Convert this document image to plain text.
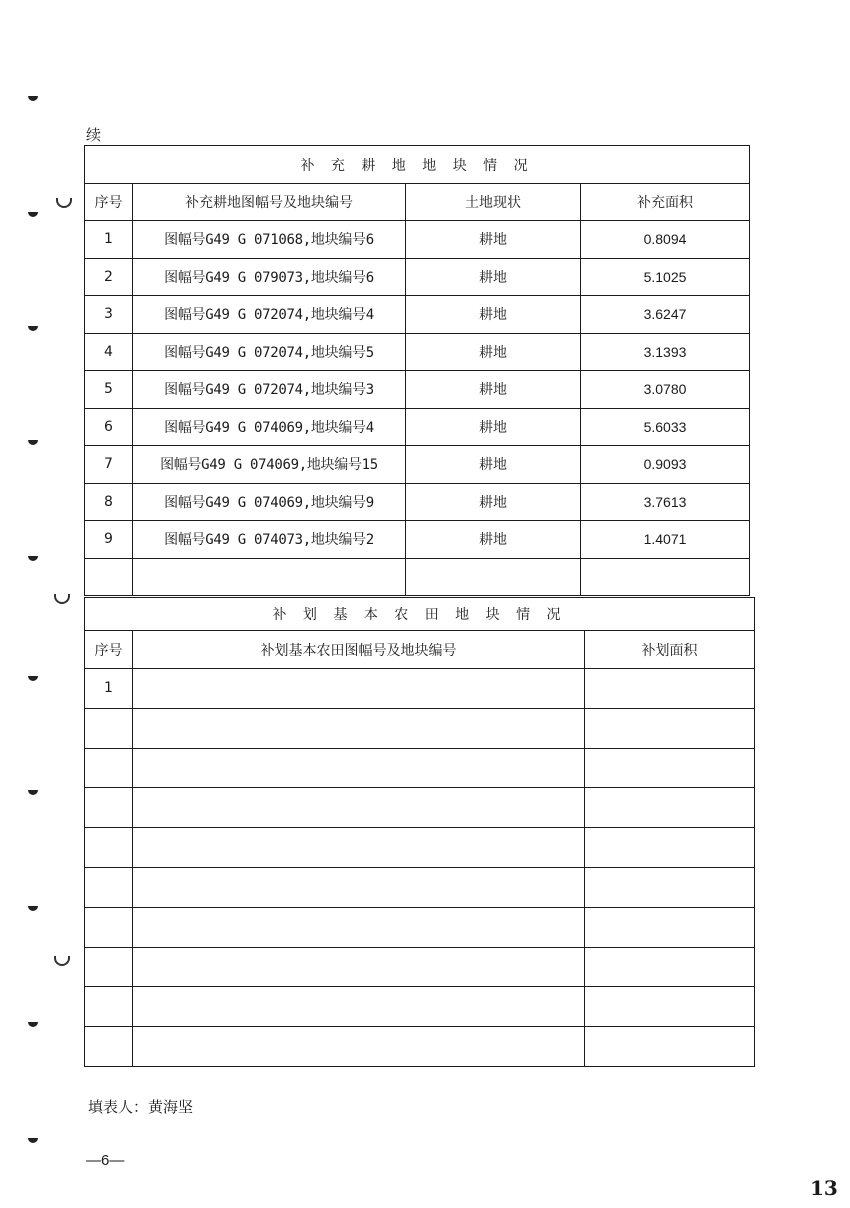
续
补 充 耕 地 地 块 情 况			
序号	补充耕地图幅号及地块编号	土地现状	补充面积
1	图幅号G49 G 071068,地块编号6	耕地	0.8094
2	图幅号G49 G 079073,地块编号6	耕地	5.1025
3	图幅号G49 G 072074,地块编号4	耕地	3.6247
4	图幅号G49 G 072074,地块编号5	耕地	3.1393
5	图幅号G49 G 072074,地块编号3	耕地	3.0780
6	图幅号G49 G 074069,地块编号4	耕地	5.6033
7	图幅号G49 G 074069,地块编号15	耕地	0.9093
8	图幅号G49 G 074069,地块编号9	耕地	3.7613
9	图幅号G49 G 074073,地块编号2	耕地	1.4071

补 划 基 本 农 田 地 块 情 况		
序号	补划基本农田图幅号及地块编号	补划面积
1		

填表人：黄海坚
—6—
13
